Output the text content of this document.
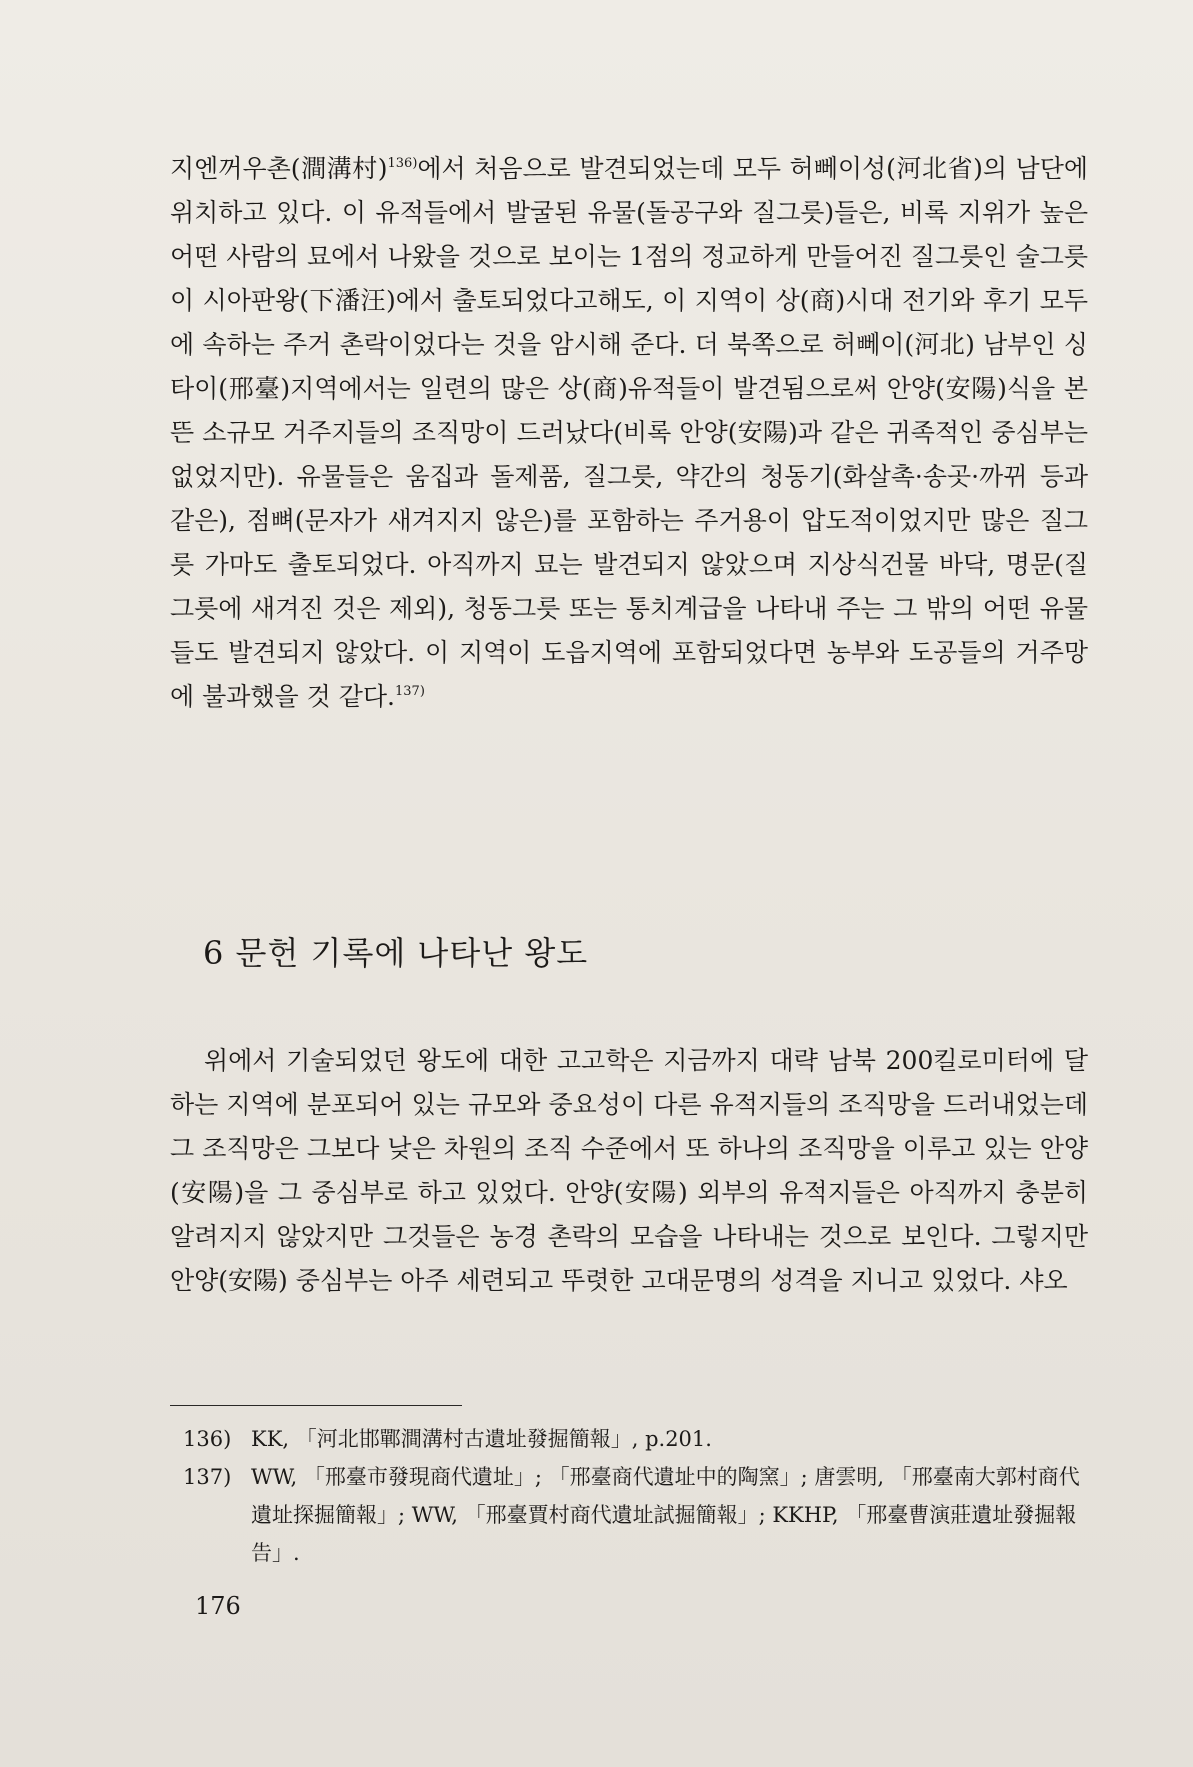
지엔꺼우촌(澗溝村)$^{136)}$에서 처음으로 발견되었는데 모두 허뻬이성(河北省)의 남단에 위치하고 있다. 이 유적들에서 발굴된 유물(돌공구와 질그릇)들은, 비록 지위가 높은 어떤 사람의 묘에서 나왔을 것으로 보이는 1점의 정교하게 만들어진 질그릇인 술그릇이 시아판왕(下潘汪)에서 출토되었다고해도, 이 지역이 상(商)시대 전기와 후기 모두에 속하는 주거 촌락이었다는 것을 암시해 준다. 더 북쪽으로 허뻬이(河北) 남부인 싱타이(邢臺)지역에서는 일련의 많은 상(商)유적들이 발견됨으로써 안양(安陽)식을 본뜬 소규모 거주지들의 조직망이 드러났다(비록 안양(安陽)과 같은 귀족적인 중심부는 없었지만). 유물들은 움집과 돌제품, 질그릇, 약간의 청동기(화살촉·송곳·까뀌 등과 같은), 점뼈(문자가 새겨지지 않은)를 포함하는 주거용이 압도적이었지만 많은 질그릇 가마도 출토되었다. 아직까지 묘는 발견되지 않았으며 지상식건물 바닥, 명문(질그릇에 새겨진 것은 제외), 청동그릇 또는 통치계급을 나타내 주는 그 밖의 어떤 유물들도 발견되지 않았다. 이 지역이 도읍지역에 포함되었다면 농부와 도공들의 거주망에 불과했을 것 같다.$^{137)}$

6 문헌 기록에 나타난 왕도

위에서 기술되었던 왕도에 대한 고고학은 지금까지 대략 남북 200킬로미터에 달하는 지역에 분포되어 있는 규모와 중요성이 다른 유적지들의 조직망을 드러내었는데 그 조직망은 그보다 낮은 차원의 조직 수준에서 또 하나의 조직망을 이루고 있는 안양(安陽)을 그 중심부로 하고 있었다. 안양(安陽) 외부의 유적지들은 아직까지 충분히 알려지지 않았지만 그것들은 농경 촌락의 모습을 나타내는 것으로 보인다. 그렇지만 안양(安陽) 중심부는 아주 세련되고 뚜렷한 고대문명의 성격을 지니고 있었다. 샤오

136) KK, 「河北邯鄲澗溝村古遺址發掘簡報」, p.201.
137) WW, 「邢臺市發現商代遺址」; 「邢臺商代遺址中的陶窯」; 唐雲明, 「邢臺南大郭村商代遺址探掘簡報」; WW, 「邢臺賈村商代遺址試掘簡報」; KKHP, 「邢臺曹演莊遺址發掘報告」.

176
